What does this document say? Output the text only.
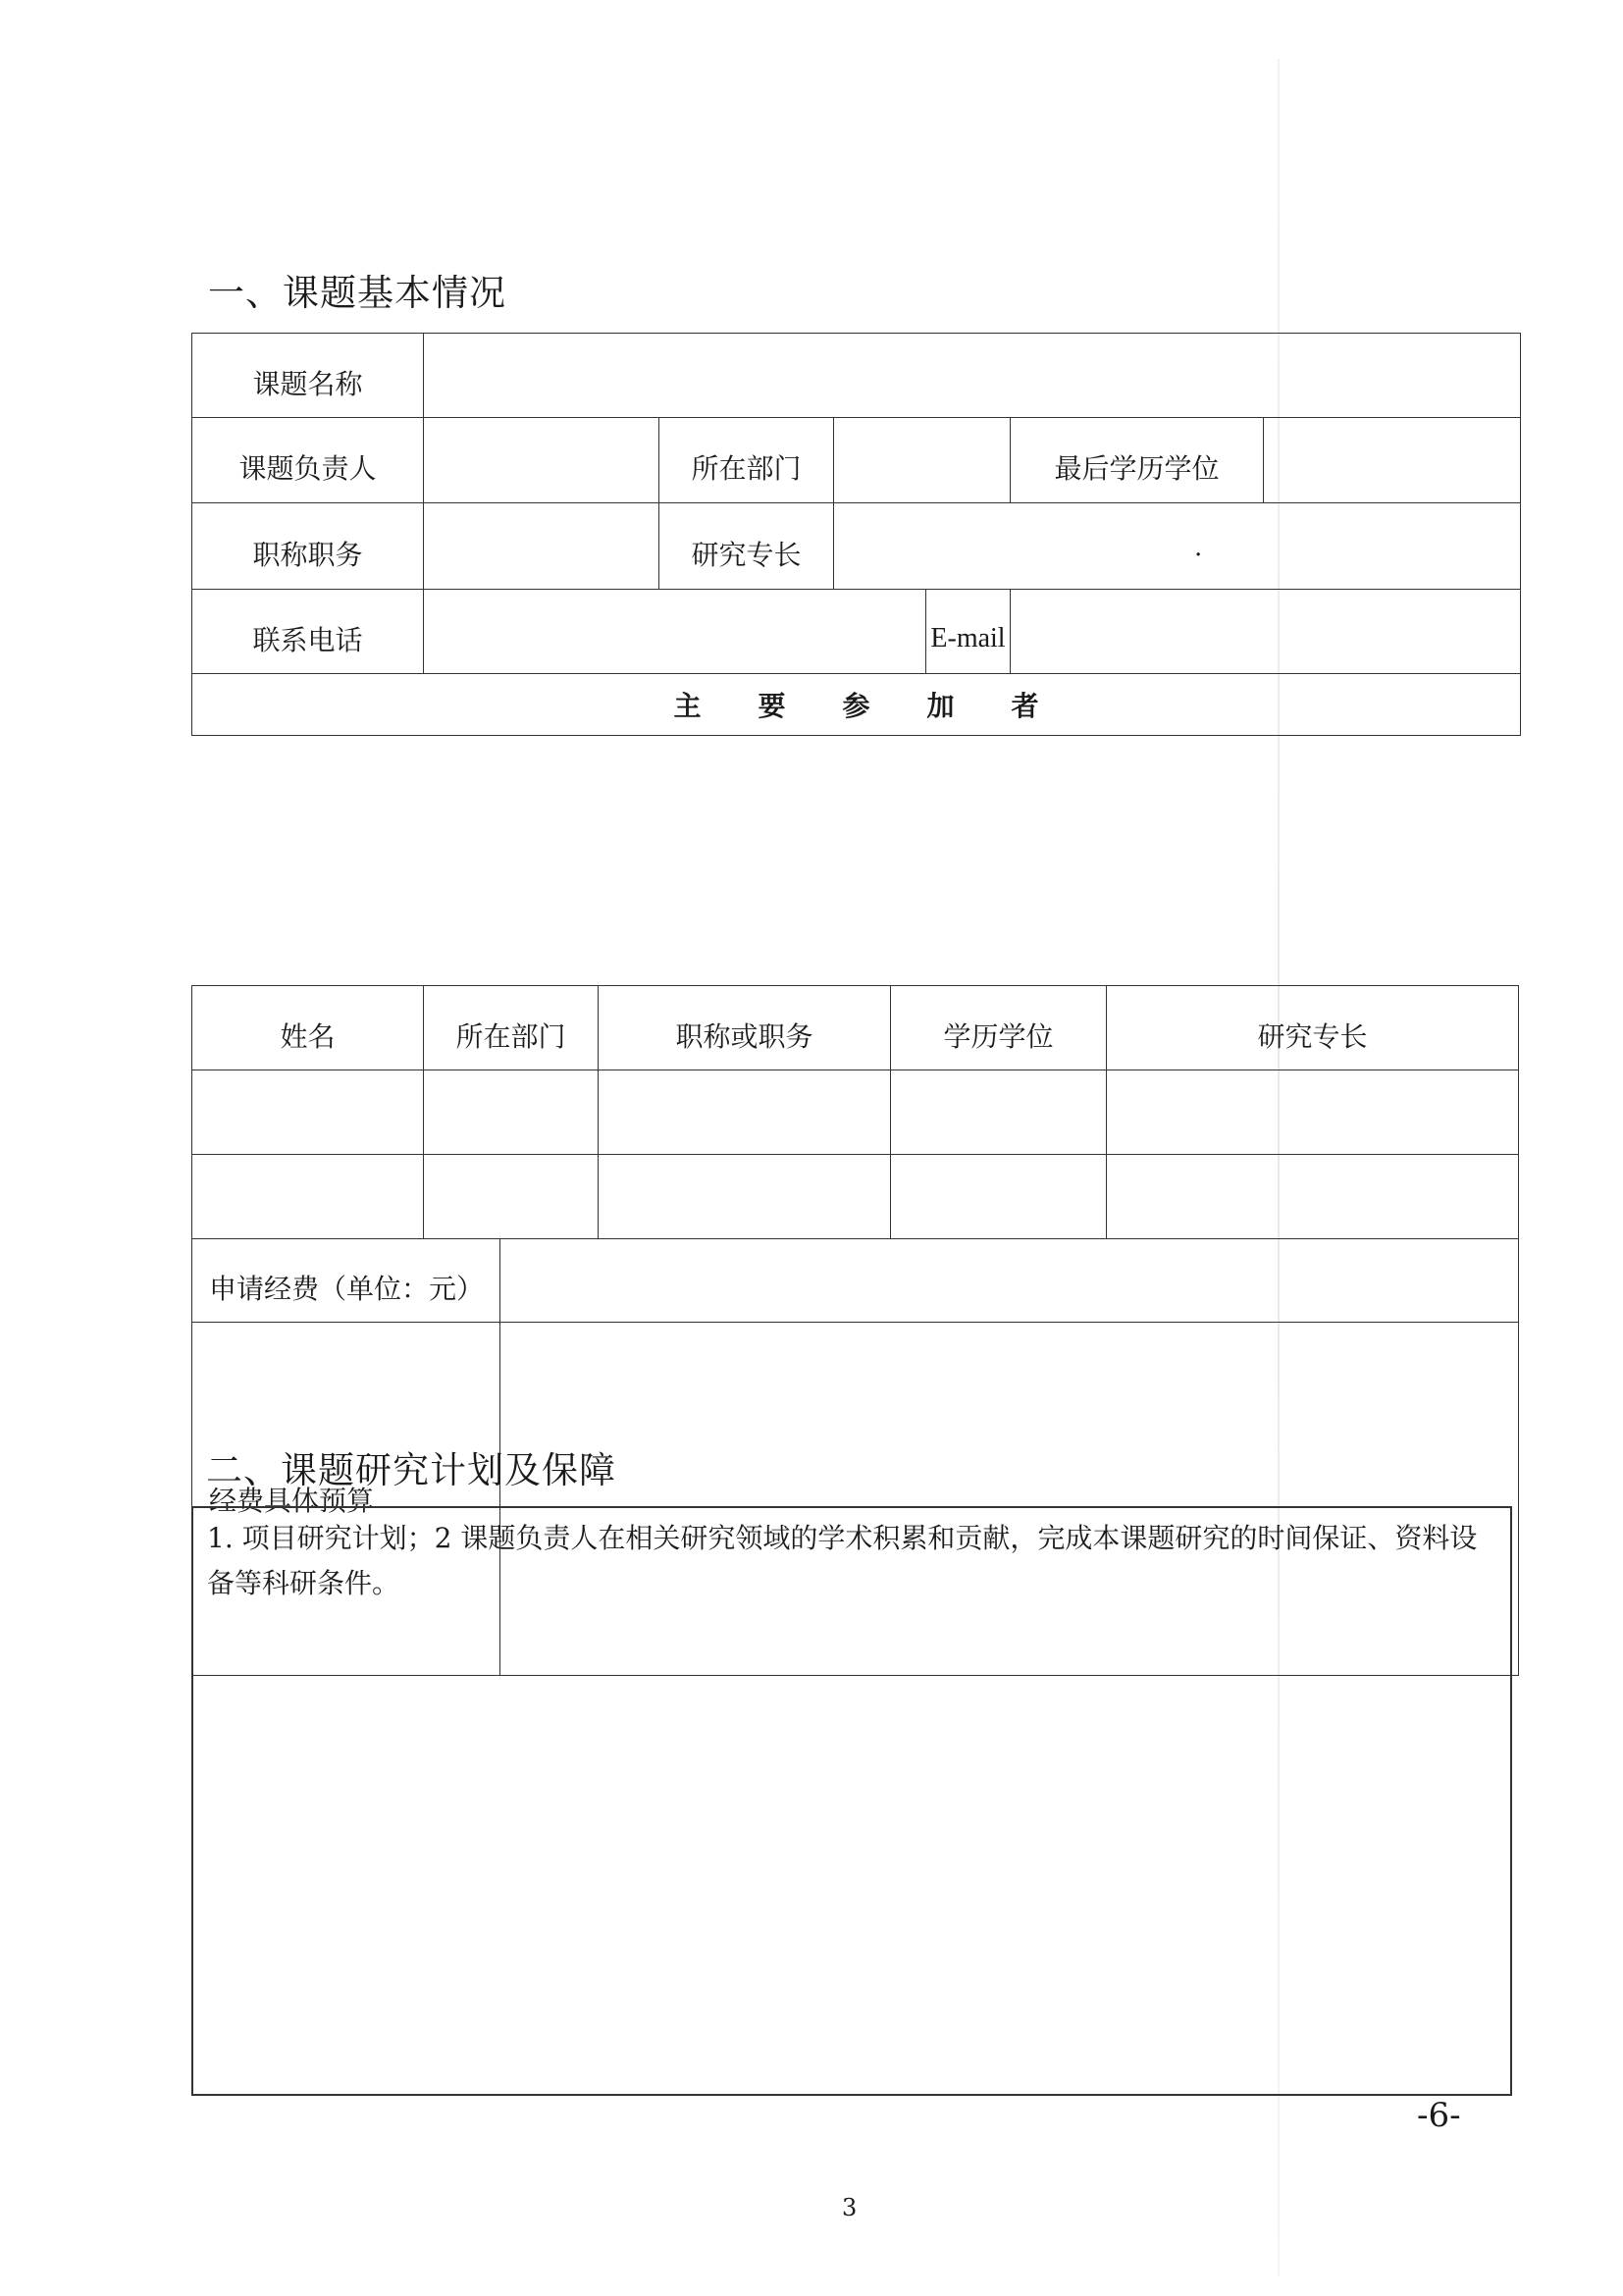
一、课题基本情况
课题名称						
课题负责人		所在部门			最后学历学位	
职称职务		研究专长	.			

联系电话				E-mail		
主要参加者						
姓名	所在部门		职称或职务	学历学位	研究专长

申请经费（单位：元）					
经费具体预算					
二、课题研究计划及保障

1. 项目研究计划；2 课题负责人在相关研究领域的学术积累和贡献，完成本课题研究的时间保证、资料设备等科研条件。

-6-
3
